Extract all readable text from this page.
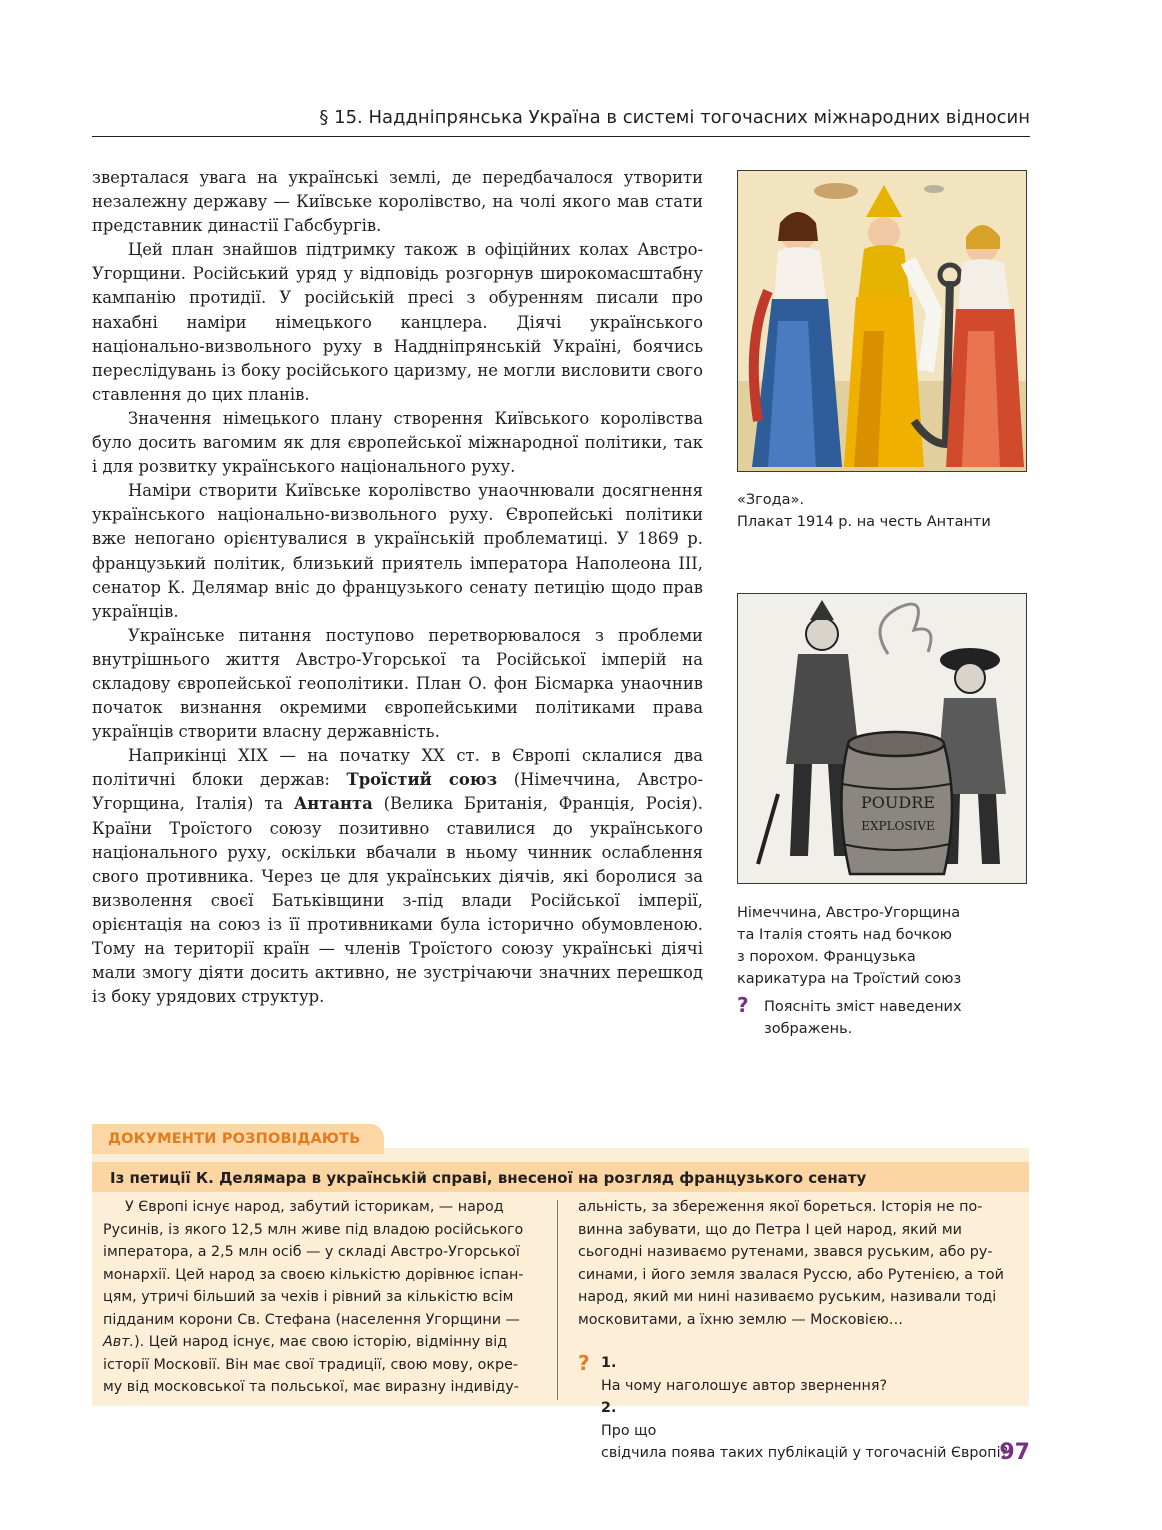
§ 15. Наддніпрянська Україна в системі тогочасних міжнародних відносин

зверталася увага на українські землі, де передбачалося утворити незалежну державу — Київське королівство, на чолі якого мав стати представник династії Габсбургів.

Цей план знайшов підтримку також в офіційних колах Австро-Угорщини. Російський уряд у відповідь розгорнув широкомасштабну кампанію протидії. У російській пресі з обуренням писали про нахабні наміри німецького канцлера. Діячі українського національно-визвольного руху в Наддніпрянській Україні, боячись переслідувань із боку російського царизму, не могли висловити свого ставлення до цих планів.

Значення німецького плану створення Київського королівства було досить вагомим як для європейської міжнародної політики, так і для розвитку українського національного руху.

Наміри створити Київське королівство унаочнювали досягнення українського національно-визвольного руху. Європейські політики вже непогано орієнтувалися в українській проблематиці. У 1869 р. французький політик, близький приятель імператора Наполеона III, сенатор К. Делямар вніс до французького сенату петицію щодо прав українців.

Українське питання поступово перетворювалося з проблеми внутрішнього життя Австро-Угорської та Російської імперій на складову європейської геополітики. План О. фон Бісмарка унаочнив початок визнання окремими європейськими політиками права українців створити власну державність.

Наприкінці XIX — на початку XX ст. в Європі склалися два політичні блоки держав: Троїстий союз (Німеччина, Австро-Угорщина, Італія) та Антанта (Велика Британія, Франція, Росія). Країни Троїстого союзу позитивно ставилися до українського національного руху, оскільки вбачали в ньому чинник ослаблення свого противника. Через це для українських діячів, які боролися за визволення своєї Батьківщини з-під влади Російської імперії, орієнтація на союз із її противниками була історично обумовленою. Тому на території країн — членів Троїстого союзу українські діячі мали змогу діяти досить активно, не зустрічаючи значних перешкод із боку урядових структур.

«Згода».
Плакат 1914 р. на честь Антанти
POUDRE
EXPLOSIVE
Німеччина, Австро-Угорщина
та Італія стоять над бочкою
з порохом. Французька
карикатура на Троїстий союз
? Поясніть зміст наведених
зображень.
ДОКУМЕНТИ РОЗПОВІДАЮТЬ
Із петиції К. Делямара в українській справі, внесеної на розгляд французького сенату
У Європі існує народ, забутий історикам, — народ
Русинів, із якого 12,5 млн живе під владою російського
імператора, а 2,5 млн осіб — у складі Австро-Угорської
монархії. Цей народ за своєю кількістю дорівнює іспан-
цям, утричі більший за чехів і рівний за кількістю всім
підданим корони Св. Стефана (населення Угорщини —
Авт.). Цей народ існує, має свою історію, відмінну від
історії Московії. Він має свої традиції, свою мову, окре-
му від московської та польської, має виразну індивіду-
альність, за збереження якої бореться. Історія не по-
винна забувати, що до Петра І цей народ, який ми
сьогодні називаємо рутенами, звався руським, або ру-
синами, і його земля звалася Руссю, або Рутенією, а той
народ, який ми нині називаємо руським, називали тоді
московитами, а їхню землю — Московією…
? 1.
На чому наголошує автор звернення?
2.
Про що
свідчила поява таких публікацій у тогочасній Європі?
97
